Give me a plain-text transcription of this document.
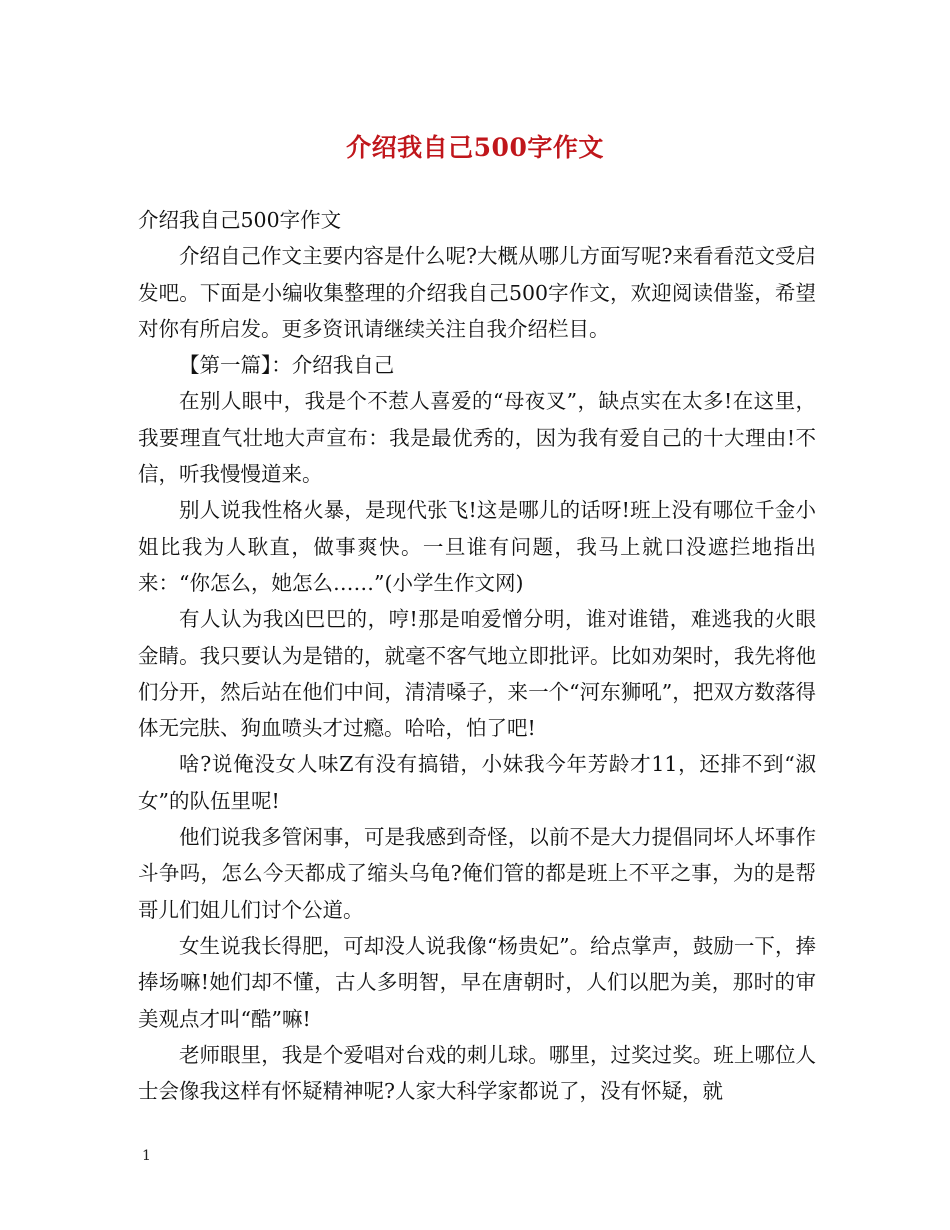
介绍我自己500字作文

介绍我自己500字作文

介绍自己作文主要内容是什么呢?大概从哪儿方面写呢?来看看范文受启发吧。下面是小编收集整理的介绍我自己500字作文，欢迎阅读借鉴，希望对你有所启发。更多资讯请继续关注自我介绍栏目。

【第一篇】：介绍我自己

在别人眼中，我是个不惹人喜爱的“母夜叉”，缺点实在太多!在这里，我要理直气壮地大声宣布：我是最优秀的，因为我有爱自己的十大理由!不信，听我慢慢道来。

别人说我性格火暴，是现代张飞!这是哪儿的话呀!班上没有哪位千金小姐比我为人耿直，做事爽快。一旦谁有问题，我马上就口没遮拦地指出来：“你怎么，她怎么……”(小学生作文网)

有人认为我凶巴巴的，哼!那是咱爱憎分明，谁对谁错，难逃我的火眼金睛。我只要认为是错的，就毫不客气地立即批评。比如劝架时，我先将他们分开，然后站在他们中间，清清嗓子，来一个“河东狮吼”，把双方数落得体无完肤、狗血喷头才过瘾。哈哈，怕了吧!

啥?说俺没女人味Z有没有搞错，小妹我今年芳龄才11，还排不到“淑女”的队伍里呢!

他们说我多管闲事，可是我感到奇怪，以前不是大力提倡同坏人坏事作斗争吗，怎么今天都成了缩头乌龟?俺们管的都是班上不平之事，为的是帮哥儿们姐儿们讨个公道。

女生说我长得肥，可却没人说我像“杨贵妃”。给点掌声，鼓励一下，捧捧场嘛!她们却不懂，古人多明智，早在唐朝时，人们以肥为美，那时的审美观点才叫“酷”嘛!

老师眼里，我是个爱唱对台戏的刺儿球。哪里，过奖过奖。班上哪位人士会像我这样有怀疑精神呢?人家大科学家都说了，没有怀疑，就

1
